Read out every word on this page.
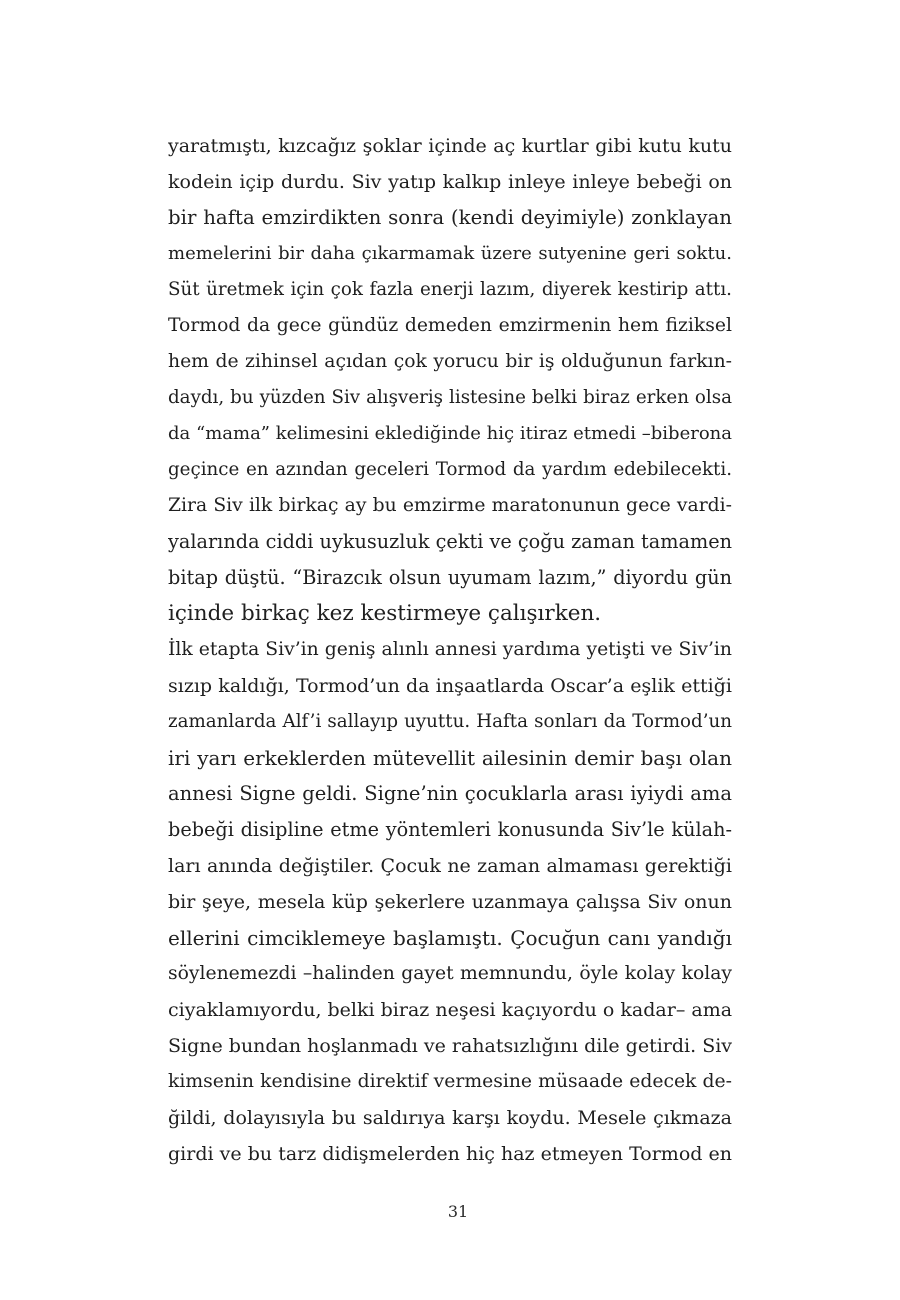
yaratmıştı, kızcağız şoklar içinde aç kurtlar gibi kutu kutu
kodein içip durdu. Siv yatıp kalkıp inleye inleye bebeği on
bir hafta emzirdikten sonra (kendi deyimiyle) zonklayan
memelerini bir daha çıkarmamak üzere sutyenine geri soktu.
Süt üretmek için çok fazla enerji lazım, diyerek kestirip attı.
Tormod da gece gündüz demeden emzirmenin hem fiziksel
hem de zihinsel açıdan çok yorucu bir iş olduğunun farkın-
daydı, bu yüzden Siv alışveriş listesine belki biraz erken olsa
da “mama” kelimesini eklediğinde hiç itiraz etmedi –biberona
geçince en azından geceleri Tormod da yardım edebilecekti.
Zira Siv ilk birkaç ay bu emzirme maratonunun gece vardi-
yalarında ciddi uykusuzluk çekti ve çoğu zaman tamamen
bitap düştü. “Birazcık olsun uyumam lazım,” diyordu gün
içinde birkaç kez kestirmeye çalışırken.
İlk etapta Siv’in geniş alınlı annesi yardıma yetişti ve Siv’in
sızıp kaldığı, Tormod’un da inşaatlarda Oscar’a eşlik ettiği
zamanlarda Alf’i sallayıp uyuttu. Hafta sonları da Tormod’un
iri yarı erkeklerden mütevellit ailesinin demir başı olan
annesi Signe geldi. Signe’nin çocuklarla arası iyiydi ama
bebeği disipline etme yöntemleri konusunda Siv’le külah-
ları anında değiştiler. Çocuk ne zaman almaması gerektiği
bir şeye, mesela küp şekerlere uzanmaya çalışsa Siv onun
ellerini cimciklemeye başlamıştı. Çocuğun canı yandığı
söylenemezdi –halinden gayet memnundu, öyle kolay kolay
ciyaklamıyordu, belki biraz neşesi kaçıyordu o kadar– ama
Signe bundan hoşlanmadı ve rahatsızlığını dile getirdi. Siv
kimsenin kendisine direktif vermesine müsaade edecek de-
ğildi, dolayısıyla bu saldırıya karşı koydu. Mesele çıkmaza
girdi ve bu tarz didişmelerden hiç haz etmeyen Tormod en
31
